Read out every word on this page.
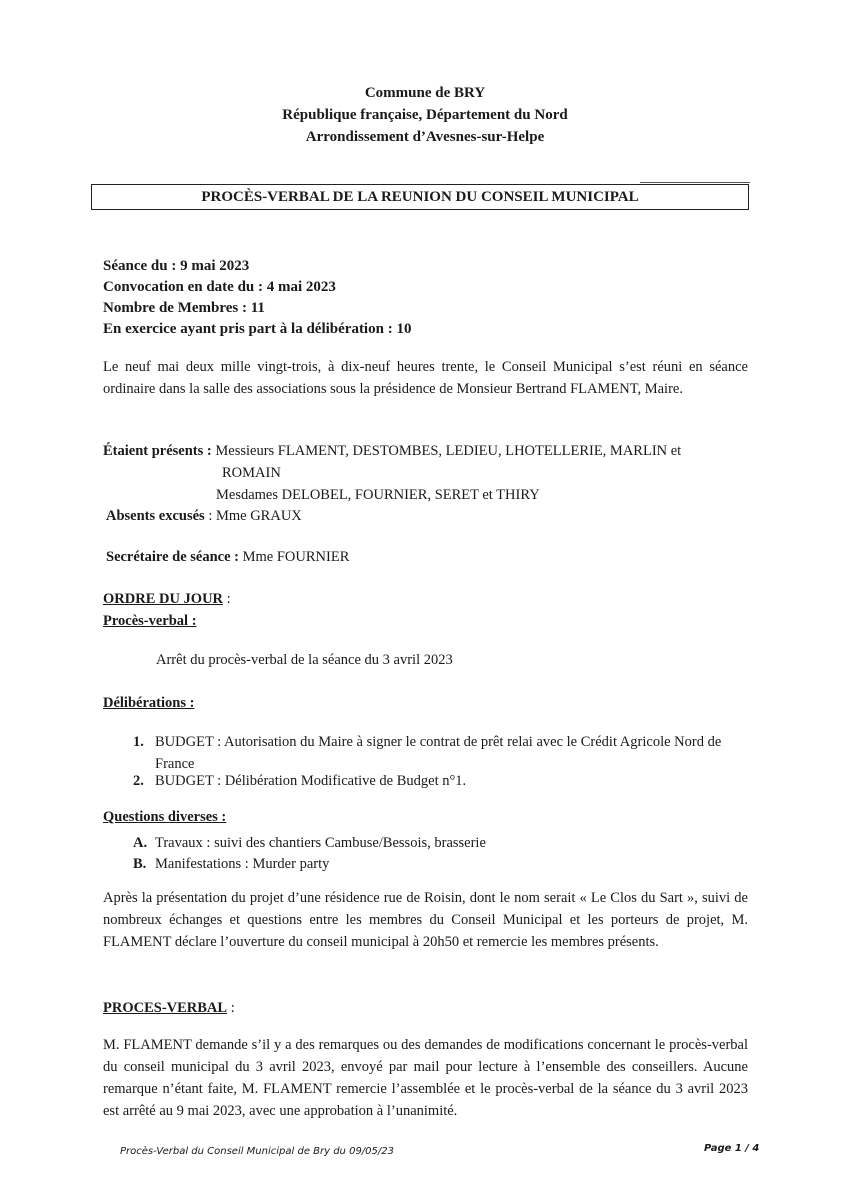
Commune de BRY
République française, Département du Nord
Arrondissement d’Avesnes-sur-Helpe
PROCÈS-VERBAL DE LA REUNION DU CONSEIL MUNICIPAL
Séance du : 9 mai 2023
Convocation en date du : 4 mai 2023
Nombre de Membres : 11
En exercice ayant pris part à la délibération : 10

Le neuf mai deux mille vingt-trois, à dix-neuf heures trente, le Conseil Municipal s’est réuni en séance ordinaire dans la salle des associations sous la présidence de Monsieur Bertrand FLAMENT, Maire.

Étaient présents : Messieurs FLAMENT, DESTOMBES, LEDIEU, LHOTELLERIE, MARLIN et
ROMAIN
Mesdames DELOBEL, FOURNIER, SERET et THIRY
Absents excusés : Mme GRAUX
Secrétaire de séance : Mme FOURNIER
ORDRE DU JOUR :
Procès-verbal :
Arrêt du procès-verbal de la séance du 3 avril 2023
Délibérations :
1. BUDGET : Autorisation du Maire à signer le contrat de prêt relai avec le Crédit Agricole Nord de France
2. BUDGET : Délibération Modificative de Budget n°1.
Questions diverses :
A. Travaux : suivi des chantiers Cambuse/Bessois, brasserie
B. Manifestations : Murder party

Après la présentation du projet d’une résidence rue de Roisin, dont le nom serait « Le Clos du Sart », suivi de nombreux échanges et questions entre les membres du Conseil Municipal et les porteurs de projet, M. FLAMENT déclare l’ouverture du conseil municipal à 20h50 et remercie les membres présents.

PROCES-VERBAL :

M. FLAMENT demande s’il y a des remarques ou des demandes de modifications concernant le procès-verbal du conseil municipal du 3 avril 2023, envoyé par mail pour lecture à l’ensemble des conseillers. Aucune remarque n’étant faite, M. FLAMENT remercie l’assemblée et le procès-verbal de la séance du 3 avril 2023 est arrêté au 9 mai 2023, avec une approbation à l’unanimité.

Procès-Verbal du Conseil Municipal de Bry du 09/05/23	Page 1 / 4
